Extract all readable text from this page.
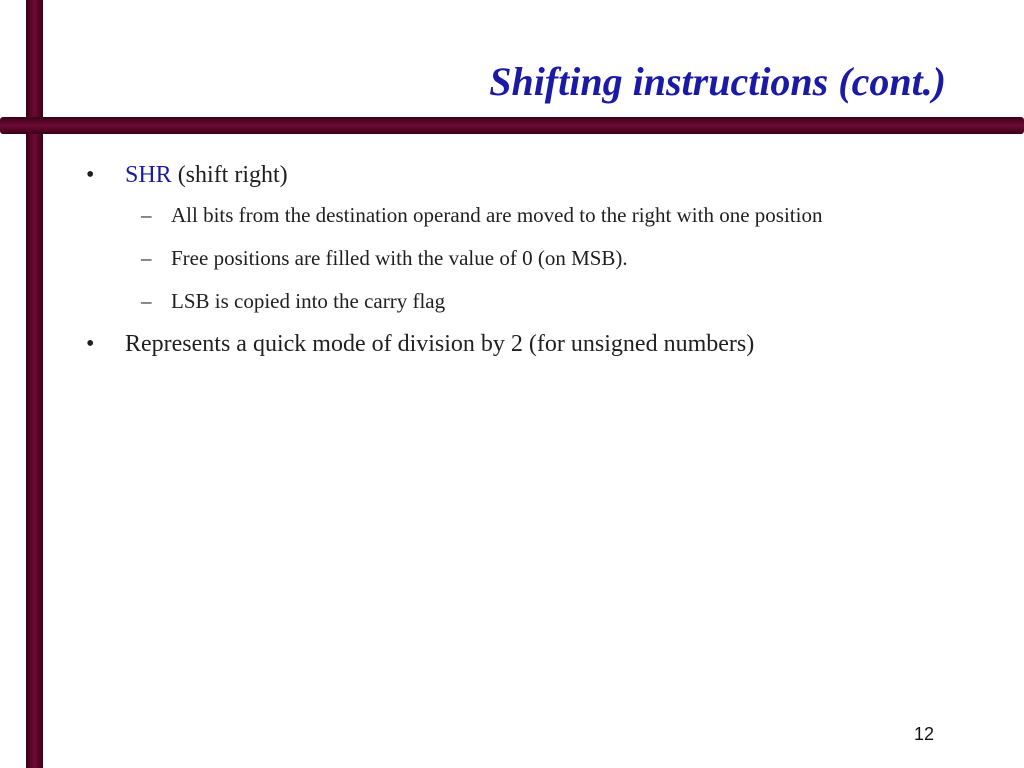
Shifting instructions (cont.)
• SHR (shift right)
– All bits from the destination operand are moved to the right with one position
– Free positions are filled with the value of 0 (on MSB).
– LSB is copied into the carry flag
• Represents a quick mode of division by 2 (for unsigned numbers)
12
